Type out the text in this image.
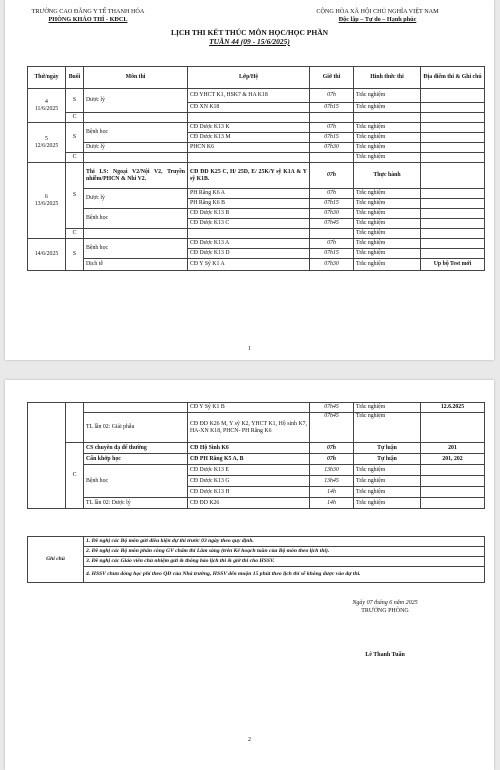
TRƯỜNG CAO ĐẲNG Y TẾ THANH HÓA
PHÒNG KHẢO THÍ - KĐCL
CỘNG HÒA XÃ HỘI CHỦ NGHĨA VIỆT NAM
Độc lập – Tự do – Hạnh phúc
LỊCH THI KẾT THÚC MÔN HỌC/HỌC PHẦN
TUẦN 44 (09 - 15/6/2025)
Thứ/ngày	Buổi	Môn thi	Lớp/Hệ	Giờ thi	Hình thức thi	Địa điểm thi & Ghi chú

4
11/6/2025	S	Dược lý	CĐ YHCT K1, HSK7 & HA K18	07h	Trắc nghiệm	
			CĐ XN K18	07h15	Trắc nghiệm	
	C					

5
12/6/2025	S	Bệnh học	CĐ Dược K13 K	07h	Trắc nghiệm	
			CĐ Dược K13 M	07h15	Trắc nghiệm	
		Dược lý	PHCN K6	07h30	Trắc nghiệm	
	C				Trắc nghiệm	

6
13/6/2025	S	Thi LS: Ngoại V2/Nội V2, Truyền nhiễm/PHCN & Nhi V2.	CĐ ĐD K25 C, H/ 25D, E/ 25K/Y sỹ K1A & Y sỹ K1B.	07h	Thực hành	
		Dược lý	PH Răng K6 A	07h	Trắc nghiệm	
			PH Răng K6 B	07h15	Trắc nghiệm	
		Bệnh học	CĐ Dược K13 B	07h30	Trắc nghiệm	
			CĐ Dược K13 C	07h45	Trắc nghiệm	
	C				Trắc nghiệm	
14/6/2025	S	Bệnh học	CĐ Dược K13 A	07h	Trắc nghiệm	
			CĐ Dược K13 D	07h15	Trắc nghiệm	
		Dịch tễ	CĐ Y Sỹ K1 A	07h30	Trắc nghiệm	Up bộ Test mới
1
			CĐ Y Sỹ K1 B	07h45	Trắc nghiệm	12.6.2025
		TL lần 02: Giải phẫu	CĐ ĐD K26 M, Y sỹ K2, YHCT K1, Hộ sinh K7, HA-XN K18, PHCN- PH Răng K6	07h45	Trắc nghiệm	
	C	CS chuyên đạ để thường	CĐ Hộ Sinh K6	07h	Tự luận	201
		Cấn khớp học	CĐ PH Răng K5 A, B	07h	Tự luận	201, 202
		Bệnh học	CĐ Dược K13 E	13h30	Trắc nghiệm	
			CĐ Dược K13 G	13h45	Trắc nghiệm	
			CĐ Dược K13 H	14h	Trắc nghiệm	
		TL lần 02: Dược lý	CĐ ĐD K26	14h	Trắc nghiệm	
Ghi chú	1. Đề nghị các Bộ môn gửi điều kiện dự thi trước 03 ngày theo quy định.
2. Đề nghị các Bộ môn phân công GV chấm thi Lâm sàng (trên Kế hoạch tuần của Bộ môn theo lịch thi).
3. Đề nghị các Giáo viên chủ nhiệm gửi & thông báo lịch thi & giờ thi cho HSSV.
4. HSSV chưa đóng học phí theo QĐ của Nhà trường, HSSV đến muộn 15 phút theo lịch thi sẽ không được vào dự thi.
Ngày 07 tháng 6 năm 2025
TRƯỞNG PHÒNG
Lê Thanh Tuấn
2
